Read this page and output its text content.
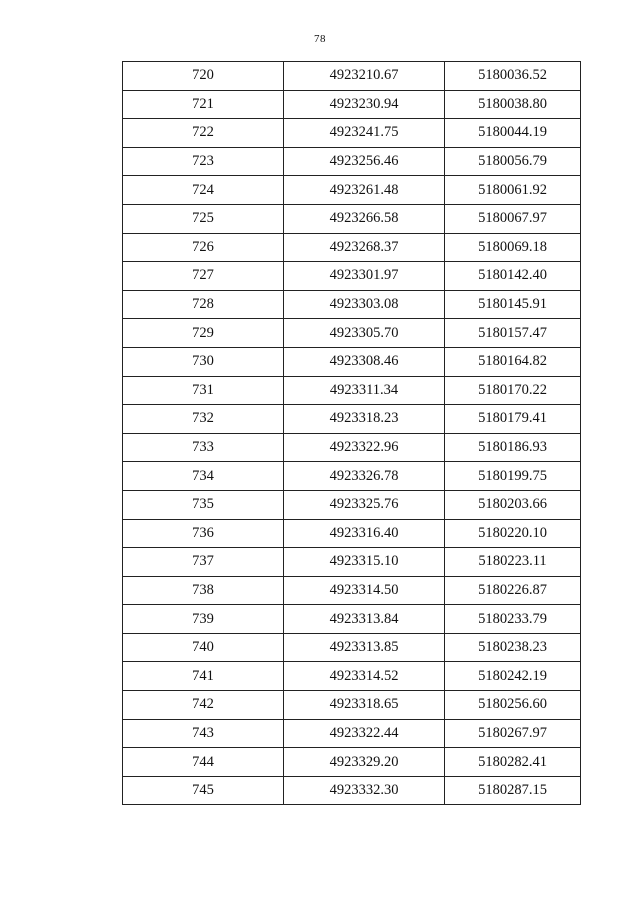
78
720	4923210.67	5180036.52
721	4923230.94	5180038.80
722	4923241.75	5180044.19
723	4923256.46	5180056.79
724	4923261.48	5180061.92
725	4923266.58	5180067.97
726	4923268.37	5180069.18
727	4923301.97	5180142.40
728	4923303.08	5180145.91
729	4923305.70	5180157.47
730	4923308.46	5180164.82
731	4923311.34	5180170.22
732	4923318.23	5180179.41
733	4923322.96	5180186.93
734	4923326.78	5180199.75
735	4923325.76	5180203.66
736	4923316.40	5180220.10
737	4923315.10	5180223.11
738	4923314.50	5180226.87
739	4923313.84	5180233.79
740	4923313.85	5180238.23
741	4923314.52	5180242.19
742	4923318.65	5180256.60
743	4923322.44	5180267.97
744	4923329.20	5180282.41
745	4923332.30	5180287.15
